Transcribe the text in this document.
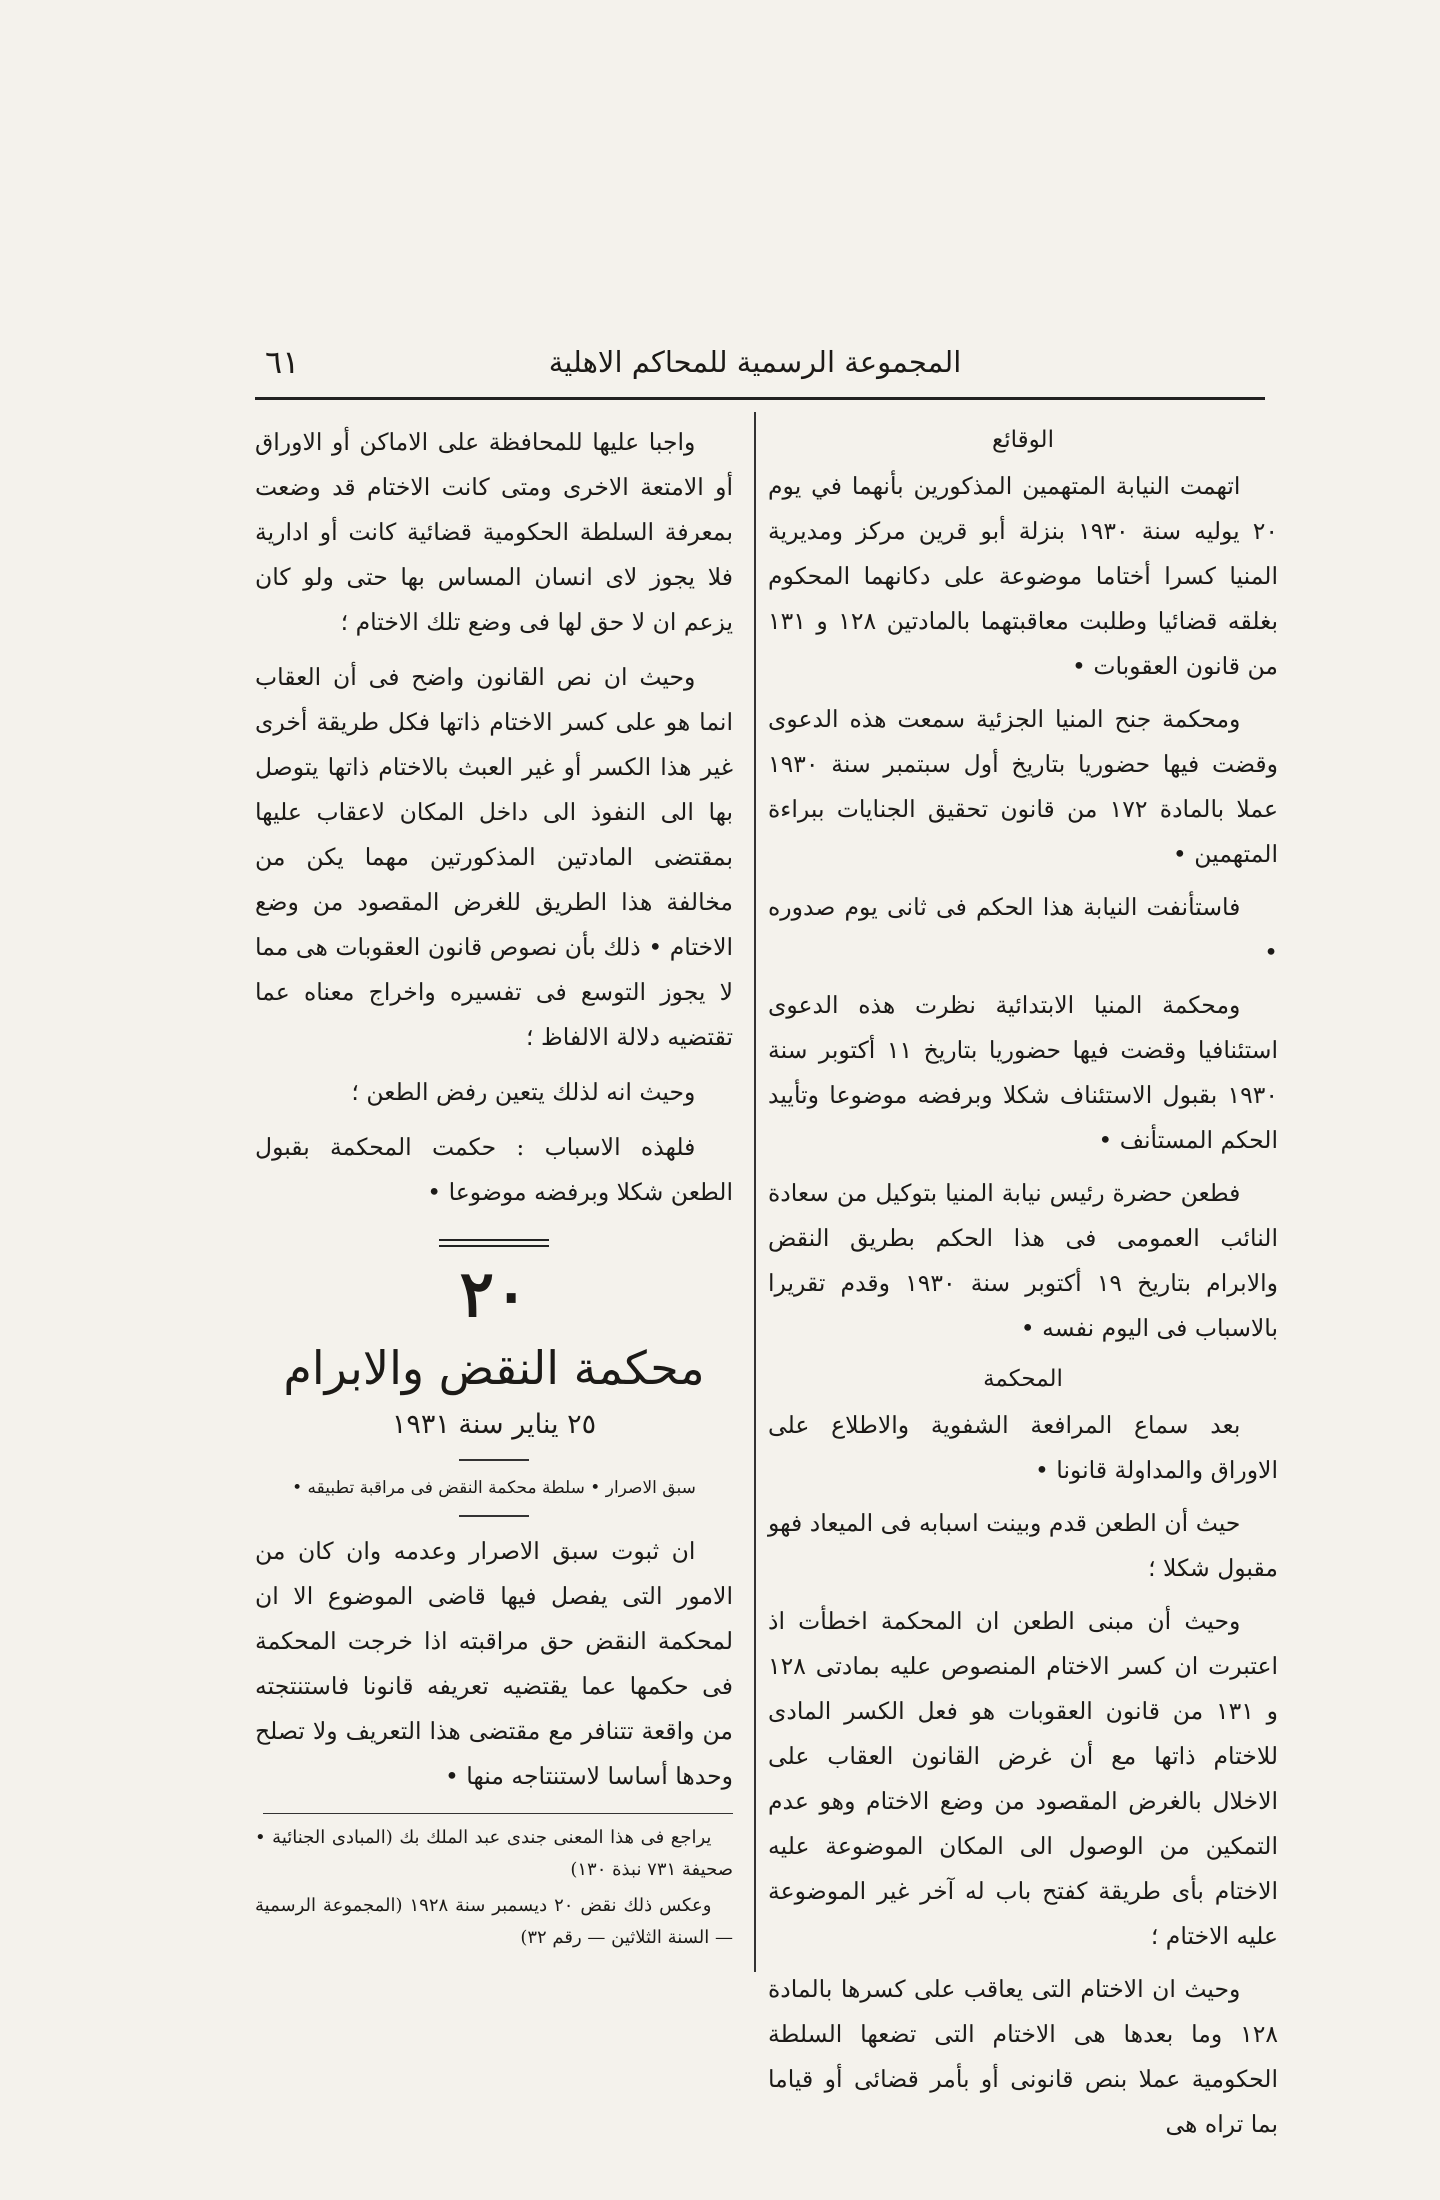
المجموعة الرسمية للمحاكم الاهلية
٦١
الوقائع

اتهمت النيابة المتهمين المذكورين بأنهما في يوم ٢٠ يوليه سنة ١٩٣٠ بنزلة أبو قرين مركز ومديرية المنيا كسرا أختاما موضوعة على دكانهما المحكوم بغلقه قضائيا وطلبت معاقبتهما بالمادتين ١٢٨ و ١٣١ من قانون العقوبات •

ومحكمة جنح المنيا الجزئية سمعت هذه الدعوى وقضت فيها حضوريا بتاريخ أول سبتمبر سنة ١٩٣٠ عملا بالمادة ١٧٢ من قانون تحقيق الجنايات ببراءة المتهمين •

فاستأنفت النيابة هذا الحكم فى ثانى يوم صدوره •

ومحكمة المنيا الابتدائية نظرت هذه الدعوى استئنافيا وقضت فيها حضوريا بتاريخ ١١ أكتوبر سنة ١٩٣٠ بقبول الاستئناف شكلا وبرفضه موضوعا وتأييد الحكم المستأنف •

فطعن حضرة رئيس نيابة المنيا بتوكيل من سعادة النائب العمومى فى هذا الحكم بطريق النقض والابرام بتاريخ ١٩ أكتوبر سنة ١٩٣٠ وقدم تقريرا بالاسباب فى اليوم نفسه •

المحكمة

بعد سماع المرافعة الشفوية والاطلاع على الاوراق والمداولة قانونا •

حيث أن الطعن قدم وبينت اسبابه فى الميعاد فهو مقبول شكلا ؛

وحيث أن مبنى الطعن ان المحكمة اخطأت اذ اعتبرت ان كسر الاختام المنصوص عليه بمادتى ١٢٨ و ١٣١ من قانون العقوبات هو فعل الكسر المادى للاختام ذاتها مع أن غرض القانون العقاب على الاخلال بالغرض المقصود من وضع الاختام وهو عدم التمكين من الوصول الى المكان الموضوعة عليه الاختام بأى طريقة كفتح باب له آخر غير الموضوعة عليه الاختام ؛

وحيث ان الاختام التى يعاقب على كسرها بالمادة ١٢٨ وما بعدها هى الاختام التى تضعها السلطة الحكومية عملا بنص قانونى أو بأمر قضائى أو قياما بما تراه هى

واجبا عليها للمحافظة على الاماكن أو الاوراق أو الامتعة الاخرى ومتى كانت الاختام قد وضعت بمعرفة السلطة الحكومية قضائية كانت أو ادارية فلا يجوز لاى انسان المساس بها حتى ولو كان يزعم ان لا حق لها فى وضع تلك الاختام ؛

وحيث ان نص القانون واضح فى أن العقاب انما هو على كسر الاختام ذاتها فكل طريقة أخرى غير هذا الكسر أو غير العبث بالاختام ذاتها يتوصل بها الى النفوذ الى داخل المكان لاعقاب عليها بمقتضى المادتين المذكورتين مهما يكن من مخالفة هذا الطريق للغرض المقصود من وضع الاختام • ذلك بأن نصوص قانون العقوبات هى مما لا يجوز التوسع فى تفسيره واخراج معناه عما تقتضيه دلالة الالفاظ ؛

وحيث انه لذلك يتعين رفض الطعن ؛

فلهذه الاسباب : حكمت المحكمة بقبول الطعن شكلا وبرفضه موضوعا •

٢٠
محكمة النقض والابرام
٢٥ يناير سنة ١٩٣١
سبق الاصرار • سلطة محكمة النقض فى مراقبة تطبيقه •

ان ثبوت سبق الاصرار وعدمه وان كان من الامور التى يفصل فيها قاضى الموضوع الا ان لمحكمة النقض حق مراقبته اذا خرجت المحكمة فى حكمها عما يقتضيه تعريفه قانونا فاستنتجته من واقعة تتنافر مع مقتضى هذا التعريف ولا تصلح وحدها أساسا لاستنتاجه منها •

يراجع فى هذا المعنى جندى عبد الملك بك (المبادى الجنائية • صحيفة ٧٣١ نبذة ١٣٠)

وعكس ذلك نقض ٢٠ ديسمبر سنة ١٩٢٨ (المجموعة الرسمية — السنة الثلاثين — رقم ٣٢)
